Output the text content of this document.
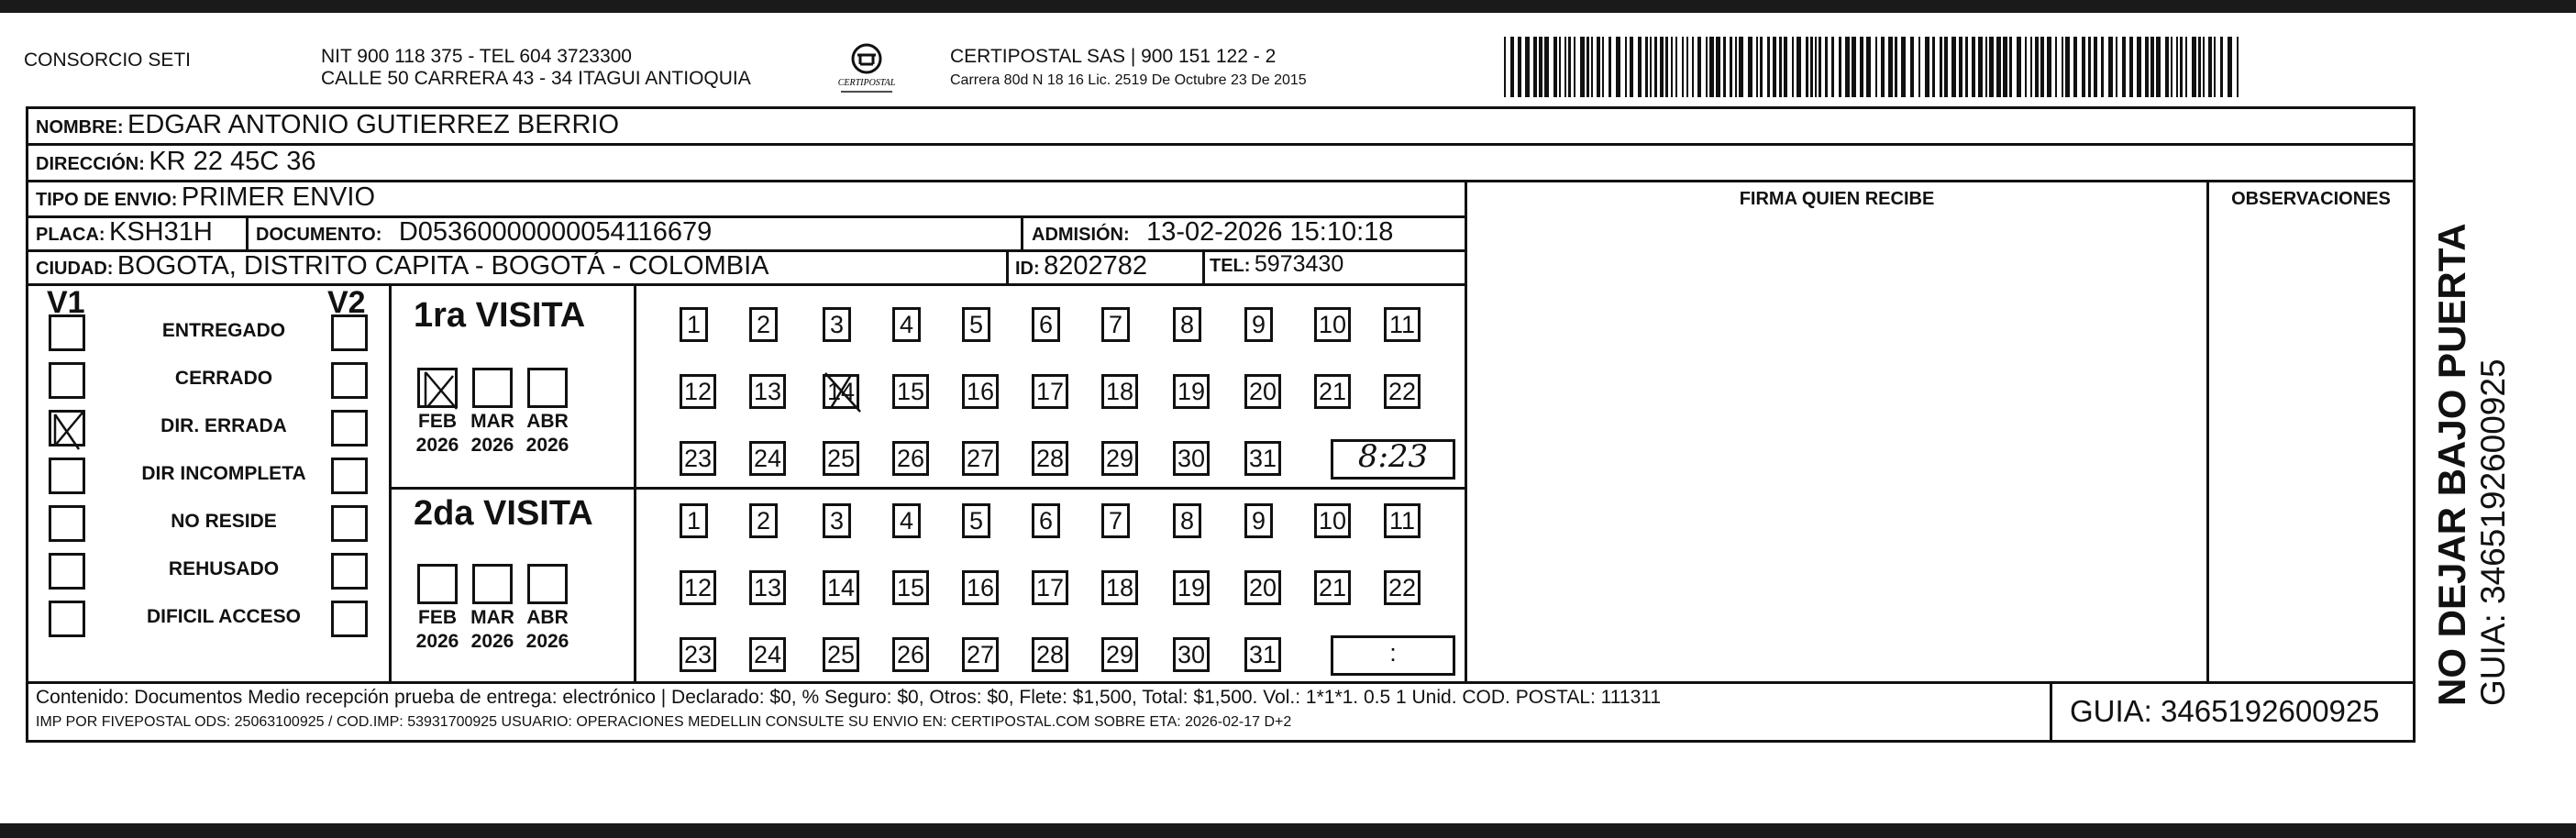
CONSORCIO SETI	NIT 900 118 375 - TEL 604 3723300
CALLE 50 CARRERA 43 - 34 ITAGUI ANTIOQUIA	CERTIPOSTAL
CERTIPOSTAL SAS | 900 151 122 - 2
Carrera 80d N 18 16 Lic. 2519 De Octubre 23 De 2015
NO DEJAR BAJO PUERTA GUIA: 3465192600925
NOMBRE: EDGAR ANTONIO GUTIERREZ BERRIO
DIRECCIÓN: KR 22 45C 36
TIPO DE ENVIO: PRIMER ENVIO
PLACA: KSH31H DOCUMENTO: D05360000000054116679	ADMISIÓN: 13-02-2026 15:10:18
CIUDAD: BOGOTA, DISTRITO CAPITA - BOGOTÁ - COLOMBIA	ID: 8202782	TEL: 5973430
FIRMA QUIEN RECIBE	OBSERVACIONES
V1	V2
ENTREGADO
CERRADO
DIR. ERRADA
DIR INCOMPLETA
NO RESIDE
REHUSADO
DIFICIL ACCESO
1ra VISITA
2da VISITA
FEB
2026
MAR
2026
ABR
2026
1 2 3 4 5 6 7 8 9 10 11
12 13 14 15 16 17 18 19 20 21 22
23 24 25 26 27 28 29 30 31	8:23
FEB
2026
MAR
2026
ABR
2026
1 2 3 4 5 6 7 8 9 10 11
12 13 14 15 16 17 18 19 20 21 22
23 24 25 26 27 28 29 30 31	:
Contenido: Documentos Medio recepción prueba de entrega: electrónico | Declarado: $0, % Seguro: $0, Otros: $0, Flete: $1,500, Total: $1,500. Vol.: 1*1*1. 0.5 1 Unid. COD. POSTAL: 111311
IMP POR FIVEPOSTAL ODS: 25063100925 / COD.IMP: 53931700925 USUARIO: OPERACIONES MEDELLIN CONSULTE SU ENVIO EN: CERTIPOSTAL.COM SOBRE ETA: 2026-02-17 D+2	GUIA: 3465192600925
